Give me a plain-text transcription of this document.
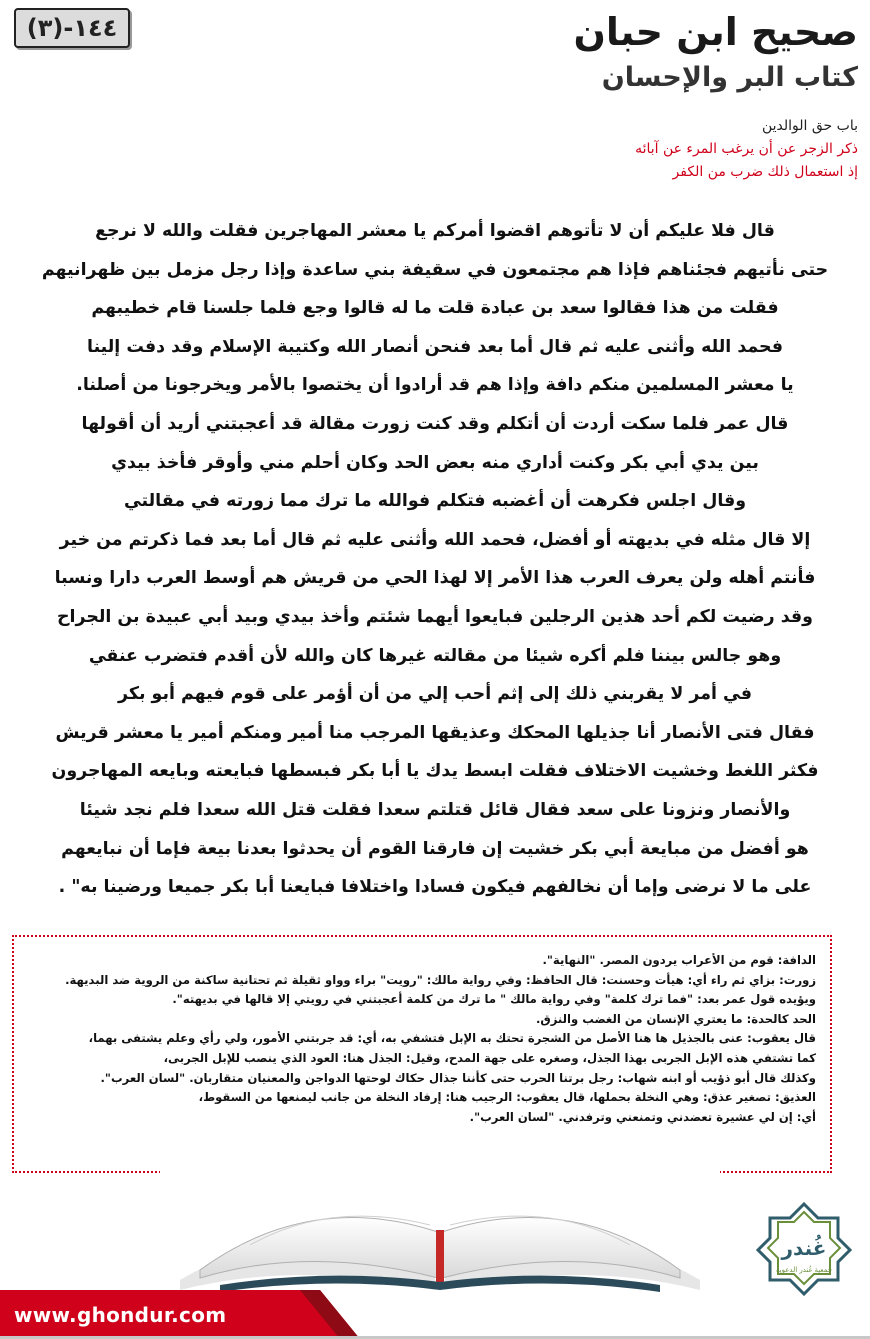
١٤٤-(٣)	صحيح ابن حبان
كتاب البر والإحسان
باب حق الوالدين
ذكر الزجر عن أن يرغب المرء عن آبائه
إذ استعمال ذلك ضرب من الكفر
قال فلا عليكم أن لا تأتوهم اقضوا أمركم يا معشر المهاجرين فقلت والله لا نرجع
حتى نأتيهم فجئناهم فإذا هم مجتمعون في سقيفة بني ساعدة وإذا رجل مزمل بين ظهرانيهم
فقلت من هذا فقالوا سعد بن عبادة قلت ما له قالوا وجع فلما جلسنا قام خطيبهم
فحمد الله وأثنى عليه ثم قال أما بعد فنحن أنصار الله وكتيبة الإسلام وقد دفت إلينا
يا معشر المسلمين منكم دافة وإذا هم قد أرادوا أن يختصوا بالأمر ويخرجونا من أصلنا.
قال عمر فلما سكت أردت أن أتكلم وقد كنت زورت مقالة قد أعجبتني أريد أن أقولها
بين يدي أبي بكر وكنت أداري منه بعض الحد وكان أحلم مني وأوقر فأخذ بيدي
وقال اجلس فكرهت أن أغضبه فتكلم فوالله ما ترك مما زورته في مقالتي
إلا قال مثله في بديهته أو أفضل، فحمد الله وأثنى عليه ثم قال أما بعد فما ذكرتم من خير
فأنتم أهله ولن يعرف العرب هذا الأمر إلا لهذا الحي من قريش هم أوسط العرب دارا ونسبا
وقد رضيت لكم أحد هذين الرجلين فبايعوا أيهما شئتم وأخذ بيدي وبيد أبي عبيدة بن الجراح
وهو جالس بيننا فلم أكره شيئا من مقالته غيرها كان والله لأن أقدم فتضرب عنقي
في أمر لا يقربني ذلك إلى إثم أحب إلي من أن أؤمر على قوم فيهم أبو بكر
فقال فتى الأنصار أنا جذيلها المحكك وعذيقها المرجب منا أمير ومنكم أمير يا معشر قريش
فكثر اللغط وخشيت الاختلاف فقلت ابسط يدك يا أبا بكر فبسطها فبايعته وبايعه المهاجرون
والأنصار ونزونا على سعد فقال قائل قتلتم سعدا فقلت قتل الله سعدا فلم نجد شيئا
هو أفضل من مبايعة أبي بكر خشيت إن فارقنا القوم أن يحدثوا بعدنا بيعة فإما أن نبايعهم
على ما لا نرضى وإما أن نخالفهم فيكون فسادا واختلافا فبايعنا أبا بكر جميعا ورضينا به" .
الدافة: قوم من الأعراب يردون المصر. "النهاية".
زورت: بزاي ثم راء أي: هيأت وحسنت: قال الحافظ: وفي رواية مالك: "رويت" براء وواو ثقيلة ثم تحتانية ساكنة من الروية ضد البديهة.
ويؤيده قول عمر بعد: "فما ترك كلمة" وفي رواية مالك " ما ترك من كلمة أعجبتني في رويتي إلا قالها في بديهته".
الحد كالحدة: ما يعتري الإنسان من الغضب والنزق.
قال يعقوب: عنى بالجذيل ها هنا الأصل من الشجرة تحتك به الإبل فتشفي به، أي: قد جربتني الأمور، ولي رأي وعلم يشتفى بهما،
كما تشتفي هذه الإبل الجربى بهذا الجذل، وصغره على جهة المدح، وقيل: الجذل هنا: العود الذي ينصب للإبل الجربى،
وكذلك قال أبو ذؤيب أو ابنه شهاب: رجل برتنا الحرب حتى كأننا جذال حكاك لوحتها الدواجن والمعنيان متقاربان. "لسان العرب".
العذيق: تصغير عذق: وهي النخلة بحملها، قال يعقوب: الرجيب هنا: إرفاد النخلة من جانب ليمنعها من السقوط،
أي: إن لي عشيرة تعضدني وتمنعني وترفدني. "لسان العرب".
غُندر
جمعية غُندر الدعوية
www.ghondur.com
